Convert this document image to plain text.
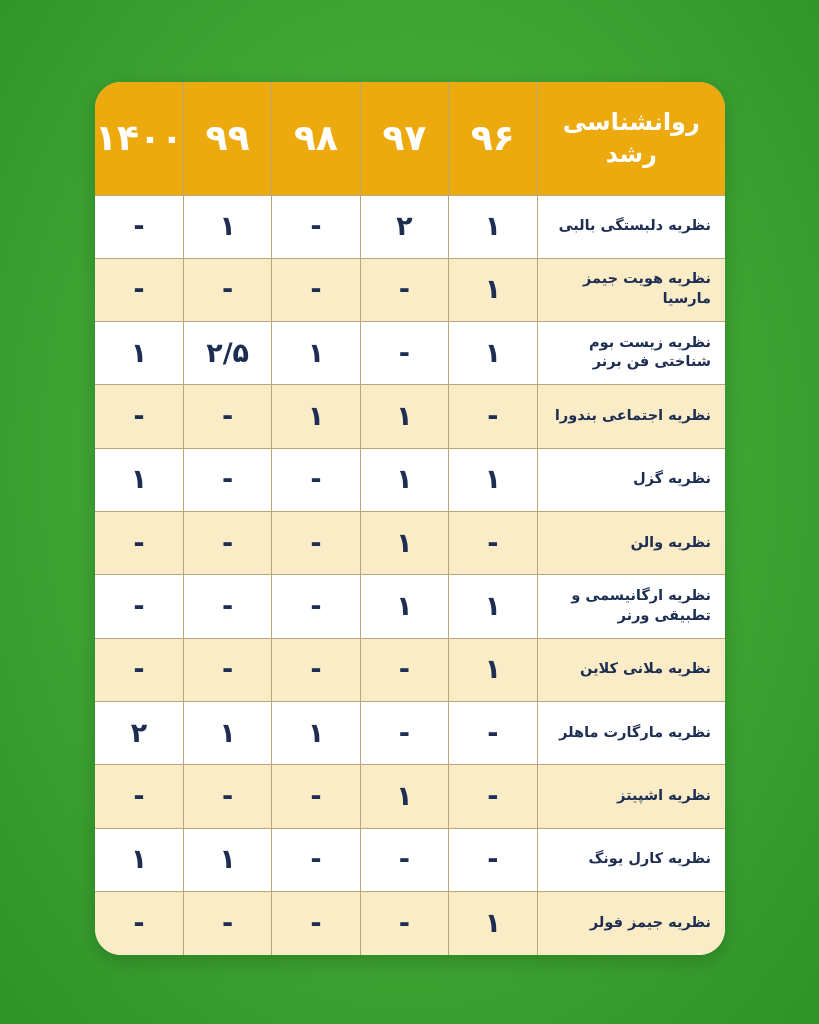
روانشناسی رشد	۹۶	۹۷	۹۸	۹۹	۱۴۰۰
نظریه دلبستگی بالبی	۱	۲	-	۱	-
نظریه هویت جیمز مارسیا	۱	-	-	-	-
نظریه زیست بوم شناختی فن برنر	۱	-	۱	۲/۵	۱
نظریه اجتماعی بندورا	-	۱	۱	-	-
نظریه گزل	۱	۱	-	-	۱
نظریه والن	-	۱	-	-	-
نظریه ارگانیسمی و تطبیقی ورنر	۱	۱	-	-	-
نظریه ملانی کلاین	۱	-	-	-	-
نظریه مارگارت ماهلر	-	-	۱	۱	۲
نظریه اشپیتز	-	۱	-	-	-
نظریه کارل یونگ	-	-	-	۱	۱
نظریه جیمز فولر	۱	-	-	-	-
